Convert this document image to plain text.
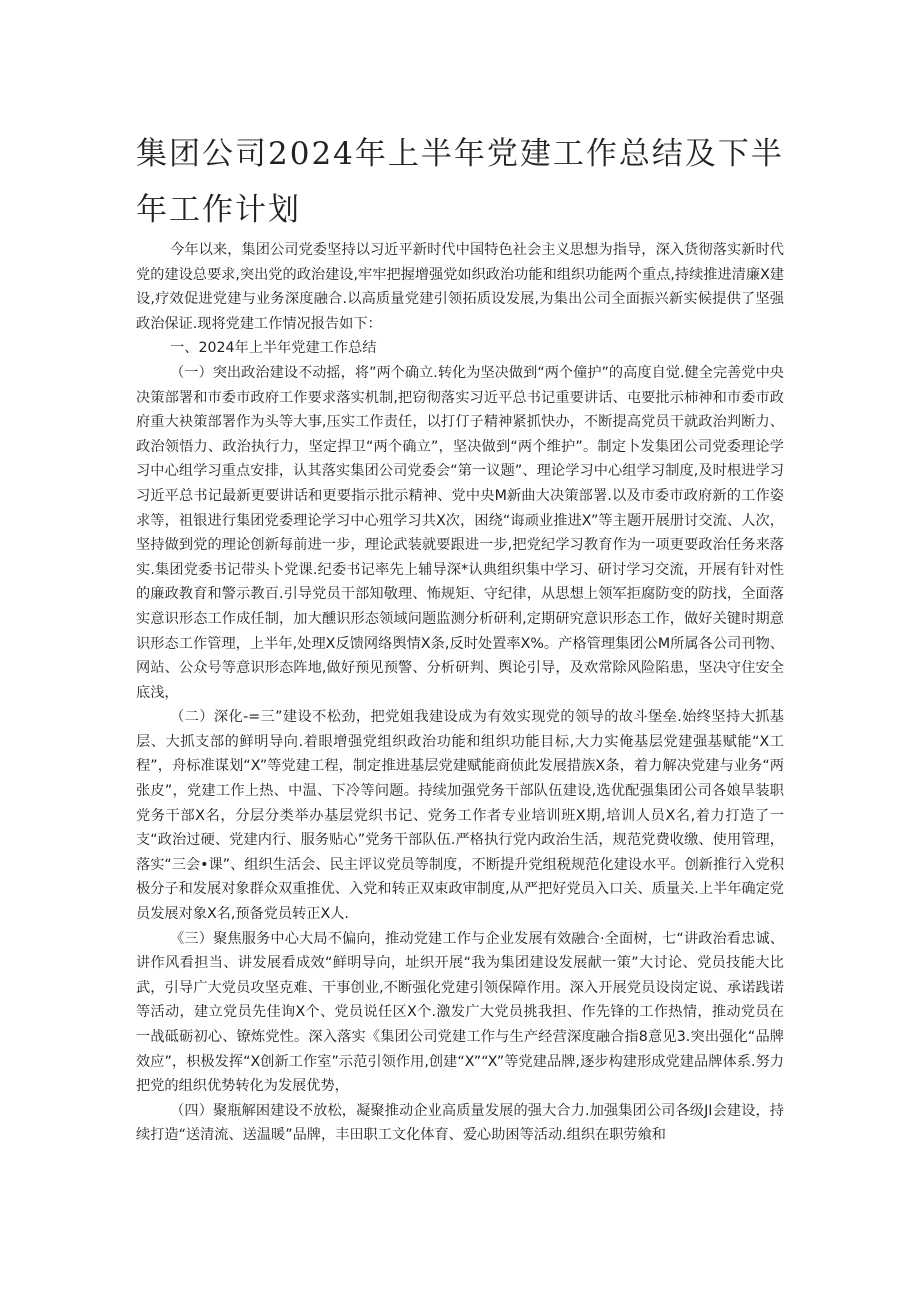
集团公司2024年上半年党建工作总结及下半年工作计划

今年以来，集团公司党委坚持以习近平新时代中国特色社会主义思想为指导，深入货彻落实新时代党的建设总要求,突出党的政治建设,牢牢把握增强党如织政治功能和组织功能两个重点,持续推进清廉X建设,疗效促进党建与业务深度融合.以高质量党建引领拓质设发展,为集出公司全面振兴新实候提供了坚强政治保证.现将党建工作情况报告如下：

一、2024年上半年党建工作总结

（一）突出政治建设不动摇，将”两个确立.转化为坚决做到“两个僮护”的高度自觉.健全完善党中央决策部署和市委市政府工作要求落实机制,把窃彻落实习近平总书记重要讲话、屯要批示柿神和市委市政府重大袂策部署作为头等大事,压实工作责任，以打仃子精神紧抓快办，不断提高党员干就政治判断力、政治领悟力、政治执行力，坚定捍卫“两个确立”，坚决做到“两个维护”。制定卜发集团公司党委理论学习中心组学习重点安排，认其落实集团公司党委会“第一议题”、理论学习中心组学习制度,及时根进学习习近平总书记最新更要讲话和更要指示批示精神、党中央M新曲大决策部署.以及市委市政府新的工作姿求等，祖银进行集团党委理论学习中心殂学习共X次，困绕“诲顽业推进X”等主题开展册讨交流、人次，坚持做到党的理论创新每前进一步，理论武装就要跟进一步,把党纪学习教育作为一项更要政治任务来落实.集团党委书记带头卜党课.纪委书记率先上辅导深*认典组织集中学习、研讨学习交流，开展有针对性的廉政教育和警示教百.引导党员干部知敬理、怖规矩、守纪律，从思想上领军拒腐防变的防找，全面落实意识形态工作成任制，加大醺识形态领域问题监测分析研利,定期研究意识形态工作，做好关键时期意识形态工作管理，上半年,处理X反馈网络舆情X条,反时处置率X%。产格管理集团公M所属各公司刊物、网站、公众号等意识形态阵地,做好预见预警、分析研判、舆论引导，及欢常除风险陷患，坚决守住安全底浅，

（二）深化-=三”建设不松劲，把党姐我建设成为有效实现党的领导的故斗堡垒.始终坚持大抓基层、大抓支部的鲜明导向.着眼增强党组织政治功能和组织功能目标,大力实俺基层党建强基赋能“X工程”，舟标准谋划“X”等党建工程，制定推进基层党建赋能商侦此发展措族X条，着力解决党建与业务“两张皮”，党建工作上热、中温、下冷等问题。持续加强党务干部队伍建设,选优配强集团公司各娘旱装职党务干部X名，分层分类举办基层党织书记、党务工作者专业培训班X期,培训人员X名,着力打造了一支“政治过硬、党建内行、服务贴心”党务干部队伍.严格执行党内政治生活，规范党费收缴、使用管理，落实“三会•课”、组织生活会、民主评议党员等制度，不断提升党组税规范化建设水平。创新推行入党积极分子和发展对象群众双重推优、入党和转正双束政审制度,从严把好党员入口关、质量关.上半年确定党员发展对象X名,预备党员转正X人.

《三）聚焦服务中心大局不偏向，推动党建工作与企业发展有效融合·全面树，七“讲政治看忠诚、讲作风看担当、讲发展看成效“鲜明导向，址织开展“我为集团建设发展献一策”大讨论、党员技能大比武，引导广大党员攻坚克难、干事创业,不断强化党建引领保障作用。深入开展党员设岗定说、承诺践诺等活动，建立党员先佳询X个、党员说任区X个.激发广大党员挑我担、作先锋的工作热情，推动党员在一战砥砺初心、镣炼党性。深入落实《集团公司党建工作与生产经营深度融合指8意见3.突出强化“品牌效应”，枳极发挥“X创新工作室”示范引领作用,创建“X”“X”等党建品牌,逐步构建形成党建品牌体系.努力把党的组织优势转化为发展优势，

（四）聚瓶解困建设不放松，凝聚推动企业高质量发展的强大合力.加强集团公司各级JI会建设，持续打造“送清流、送温暖”品牌，丰田职工文化体育、爱心助困等活动.组织在职劳飨和
